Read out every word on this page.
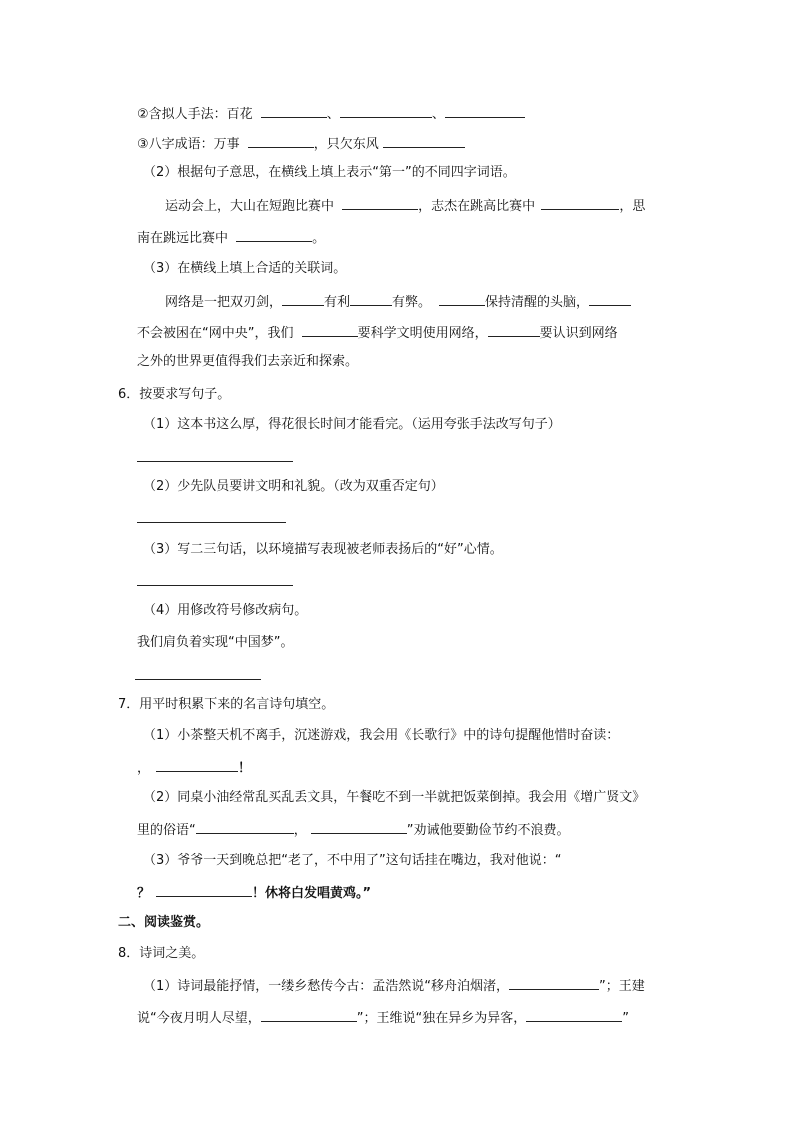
②含拟人手法：百花	、	、
③八字成语：万事	，只欠东风
（2）根据句子意思，在横线上填上表示“第一”的不同四字词语。
运动会上，大山在短跑比赛中	，志杰在跳高比赛中	，思
南在跳远比赛中	。
（3）在横线上填上合适的关联词。
网络是一把双刃剑，	有利	有弊。	保持清醒的头脑，
不会被困在“网中央”，我们	要科学文明使用网络，	要认识到网络
之外的世界更值得我们去亲近和探索。
6．按要求写句子。
（1）这本书这么厚，得花很长时间才能看完。（运用夸张手法改写句子）
（2）少先队员要讲文明和礼貌。（改为双重否定句）
（3）写二三句话，以环境描写表现被老师表扬后的“好”心情。
（4）用修改符号修改病句。
我们肩负着实现“中国梦”。
7．用平时积累下来的名言诗句填空。
（1）小茶整天机不离手，沉迷游戏，我会用《长歌行》中的诗句提醒他惜时奋读：
，	！
（2）同桌小油经常乱买乱丢文具，午餐吃不到一半就把饭菜倒掉。我会用《增广贤文》
里的俗语“	，	”劝诫他要勤俭节约不浪费。
（3）爷爷一天到晚总把“老了，不中用了”这句话挂在嘴边，我对他说：“
？	！休将白发唱黄鸡。”
二、阅读鉴赏。
8．诗词之美。
（1）诗词最能抒情，一缕乡愁传今古：孟浩然说“移舟泊烟渚，	”；王建
说“今夜月明人尽望，	”；王维说“独在异乡为异客，	”
